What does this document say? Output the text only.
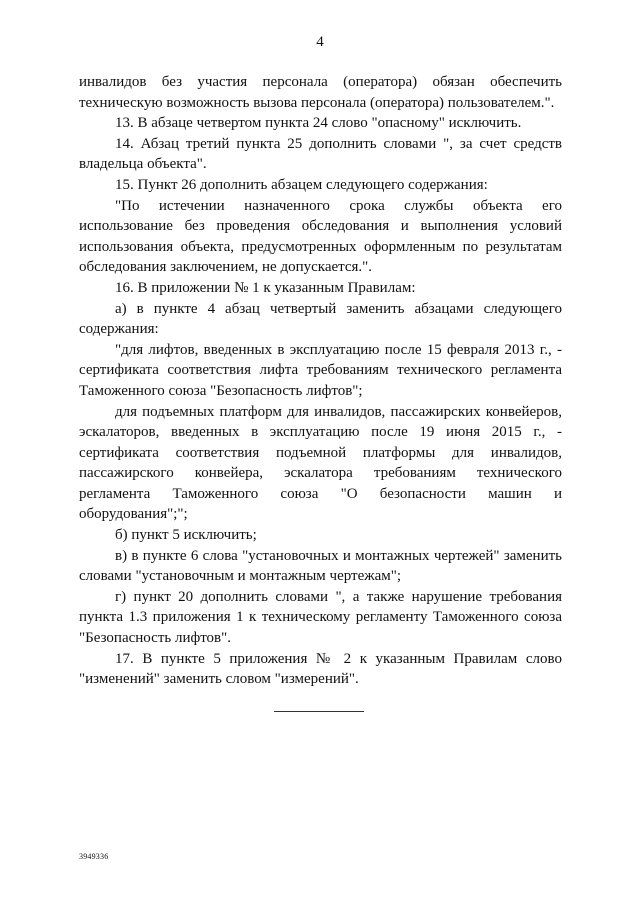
4

инвалидов без участия персонала (оператора) обязан обеспечить техническую возможность вызова персонала (оператора) пользователем.".

13. В абзаце четвертом пункта 24 слово "опасному" исключить.

14. Абзац третий пункта 25 дополнить словами ", за счет средств владельца объекта".

15. Пункт 26 дополнить абзацем следующего содержания:

"По истечении назначенного срока службы объекта его использование без проведения обследования и выполнения условий использования объекта, предусмотренных оформленным по результатам обследования заключением, не допускается.".

16. В приложении № 1 к указанным Правилам:

а) в пункте 4 абзац четвертый заменить абзацами следующего содержания:

"для лифтов, введенных в эксплуатацию после 15 февраля 2013 г., - сертификата соответствия лифта требованиям технического регламента Таможенного союза "Безопасность лифтов";

для подъемных платформ для инвалидов, пассажирских конвейеров, эскалаторов, введенных в эксплуатацию после 19 июня 2015 г., - сертификата соответствия подъемной платформы для инвалидов, пассажирского конвейера, эскалатора требованиям технического регламента Таможенного союза "О безопасности машин и оборудования";";

б) пункт 5 исключить;

в) в пункте 6 слова "установочных и монтажных чертежей" заменить словами "установочным и монтажным чертежам";

г) пункт 20 дополнить словами ", а также нарушение требования пункта 1.3 приложения 1 к техническому регламенту Таможенного союза "Безопасность лифтов".

17. В пункте 5 приложения № 2 к указанным Правилам слово "изменений" заменить словом "измерений".

3949336
